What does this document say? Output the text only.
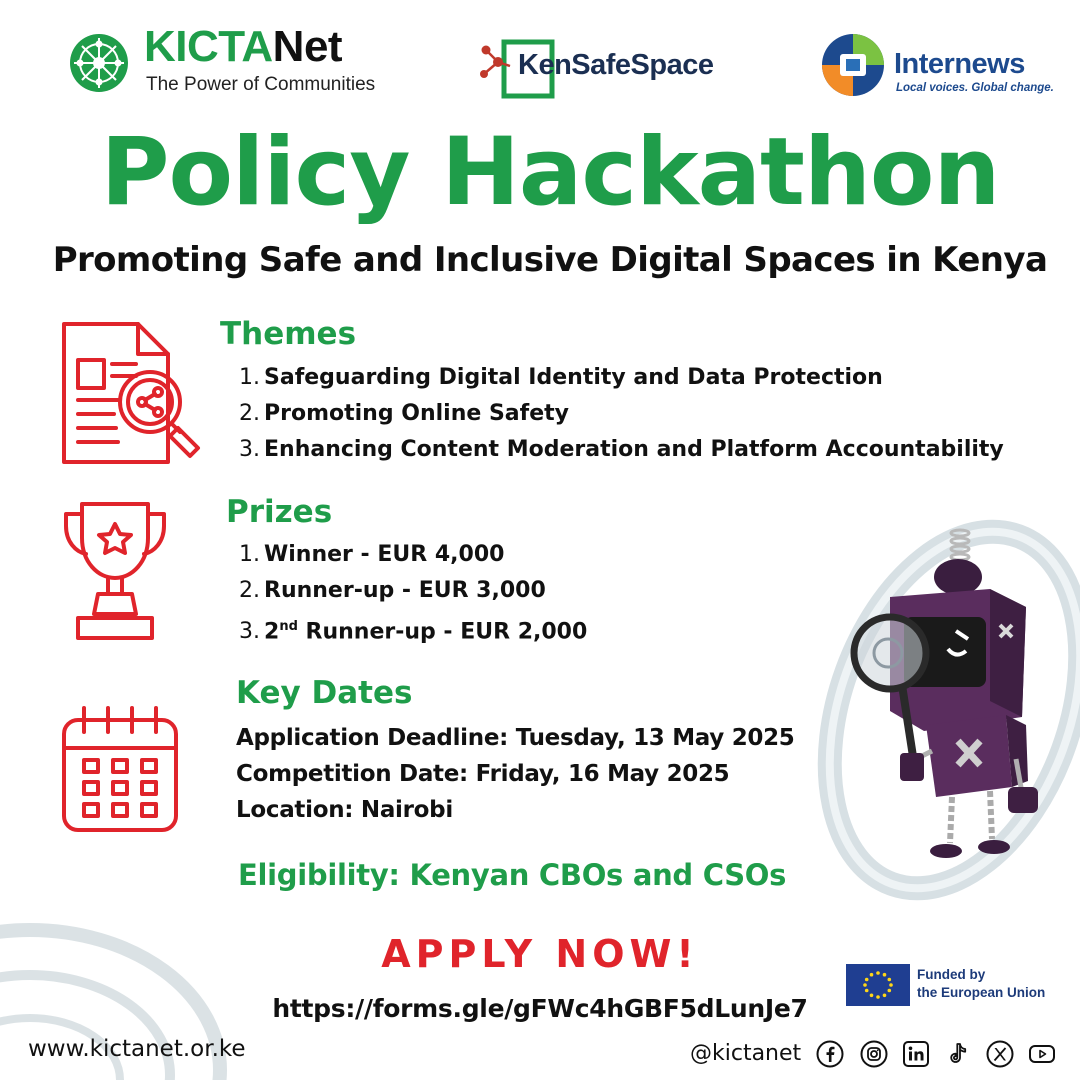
KICTANet
The Power of Communities
KenSafeSpace	Internews
Local voices. Global change.
Policy Hackathon
Promoting Safe and Inclusive Digital Spaces in Kenya
Themes
1. Safeguarding Digital Identity and Data Protection
2. Promoting Online Safety
3. Enhancing Content Moderation and Platform Accountability
Prizes
1. Winner - EUR 4,000
2. Runner-up - EUR 3,000
3. 2nd Runner-up - EUR 2,000
Key Dates
Application Deadline: Tuesday, 13 May 2025
Competition Date: Friday, 16 May 2025
Location: Nairobi
Eligibility: Kenyan CBOs and CSOs
APPLY NOW!
https://forms.gle/gFWc4hGBF5dLunJe7
Funded by
the European Union
www.kictanet.or.ke	@kictanet
